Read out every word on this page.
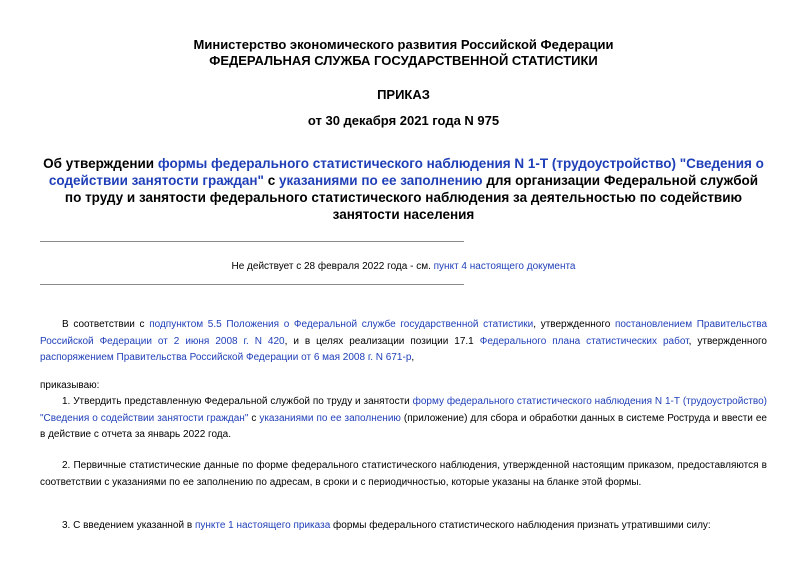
Министерство экономического развития Российской Федерации
ФЕДЕРАЛЬНАЯ СЛУЖБА ГОСУДАРСТВЕННОЙ СТАТИСТИКИ
ПРИКАЗ
от 30 декабря 2021 года N 975
Об утверждении формы федерального статистического наблюдения N 1-Т (трудоустройство) "Сведения о содействии занятости граждан" с указаниями по ее заполнению для организации Федеральной службой по труду и занятости федерального статистического наблюдения за деятельностью по содействию занятости населения
Не действует с 28 февраля 2022 года - см. пункт 4 настоящего документа
В соответствии с подпунктом 5.5 Положения о Федеральной службе государственной статистики, утвержденного постановлением Правительства Российской Федерации от 2 июня 2008 г. N 420, и в целях реализации позиции 17.1 Федерального плана статистических работ, утвержденного распоряжением Правительства Российской Федерации от 6 мая 2008 г. N 671-р,
приказываю:
1. Утвердить представленную Федеральной службой по труду и занятости форму федерального статистического наблюдения N 1-Т (трудоустройство) "Сведения о содействии занятости граждан" с указаниями по ее заполнению (приложение) для сбора и обработки данных в системе Роструда и ввести ее в действие с отчета за январь 2022 года.
2. Первичные статистические данные по форме федерального статистического наблюдения, утвержденной настоящим приказом, предоставляются в соответствии с указаниями по ее заполнению по адресам, в сроки и с периодичностью, которые указаны на бланке этой формы.
3. С введением указанной в пункте 1 настоящего приказа формы федерального статистического наблюдения признать утратившими силу:
